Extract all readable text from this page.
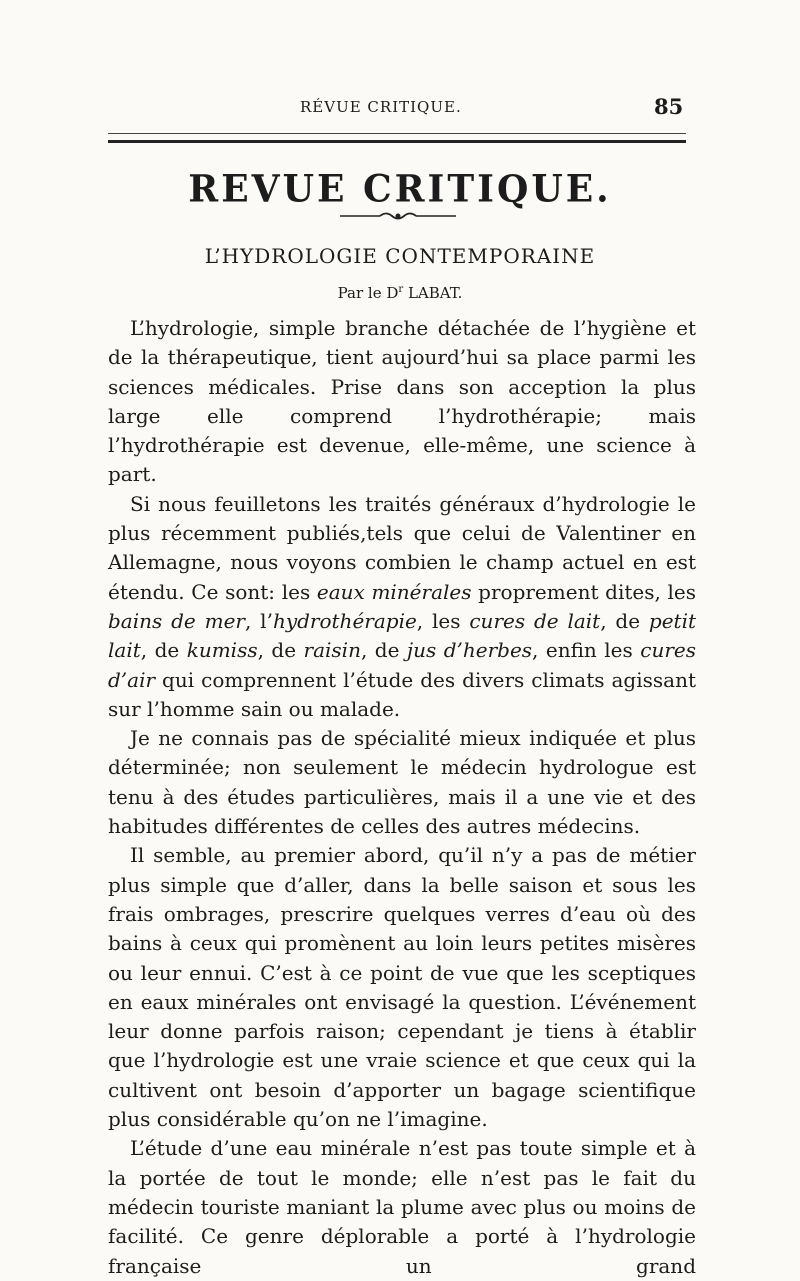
RÉVUE CRITIQUE.	85
REVUE CRITIQUE.
L’HYDROLOGIE CONTEMPORAINE
Par le $D^r$ LABAT.

L’hydrologie, simple branche détachée de l’hygiène et de la thérapeutique, tient aujourd’hui sa place parmi les sciences médicales. Prise dans son acception la plus large elle comprend l’hydrothérapie; mais l’hydrothérapie est devenue, elle-même, une science à part.

Si nous feuilletons les traités généraux d’hydrologie le plus récemment publiés,tels que celui de Valentiner en Allemagne, nous voyons combien le champ actuel en est étendu. Ce sont: les eaux minérales proprement dites, les bains de mer, l’hydrothérapie, les cures de lait, de petit lait, de kumiss, de raisin, de jus d’herbes, enfin les cures d’air qui comprennent l’étude des divers climats agissant sur l’homme sain ou malade.

Je ne connais pas de spécialité mieux indiquée et plus déterminée; non seulement le médecin hydrologue est tenu à des études particulières, mais il a une vie et des habitudes différentes de celles des autres médecins.

Il semble, au premier abord, qu’il n’y a pas de métier plus simple que d’aller, dans la belle saison et sous les frais ombrages, prescrire quelques verres d’eau où des bains à ceux qui promènent au loin leurs petites misères ou leur ennui. C’est à ce point de vue que les sceptiques en eaux minérales ont envisagé la question. L’événement leur donne parfois raison; cependant je tiens à établir que l’hydrologie est une vraie science et que ceux qui la cultivent ont besoin d’apporter un bagage scientifique plus considérable qu’on ne l’imagine.

L’étude d’une eau minérale n’est pas toute simple et à la portée de tout le monde; elle n’est pas le fait du médecin touriste maniant la plume avec plus ou moins de facilité. Ce genre déplorable a porté à l’hydrologie française un grand
